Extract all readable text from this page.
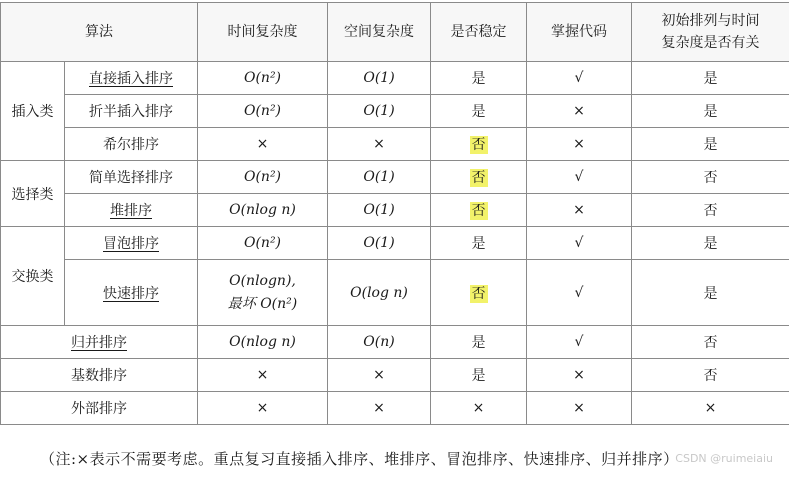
算法		时间复杂度	空间复杂度	是否稳定	掌握代码	初始排列与时间
复杂度是否有关
插入类	直接插入排序	O(n²)	O(1)	是	√	是
	折半插入排序	O(n²)	O(1)	是	×	是
	希尔排序	×	×	否	×	是
选择类	简单选择排序	O(n²)	O(1)	否	√	否
	堆排序	O(nlog n)	O(1)	否	×	否
交换类	冒泡排序	O(n²)	O(1)	是	√	是
	快速排序	O(nlogn),
最坏 O(n²)	O(log n)	否	√	是
归并排序		O(nlog n)	O(n)	是	√	否
基数排序		×	×	是	×	否
外部排序		×	×	×	×	×
（注:×表示不需要考虑。重点复习直接插入排序、堆排序、冒泡排序、快速排序、归并排序）
CSDN @ruimeiaiu
